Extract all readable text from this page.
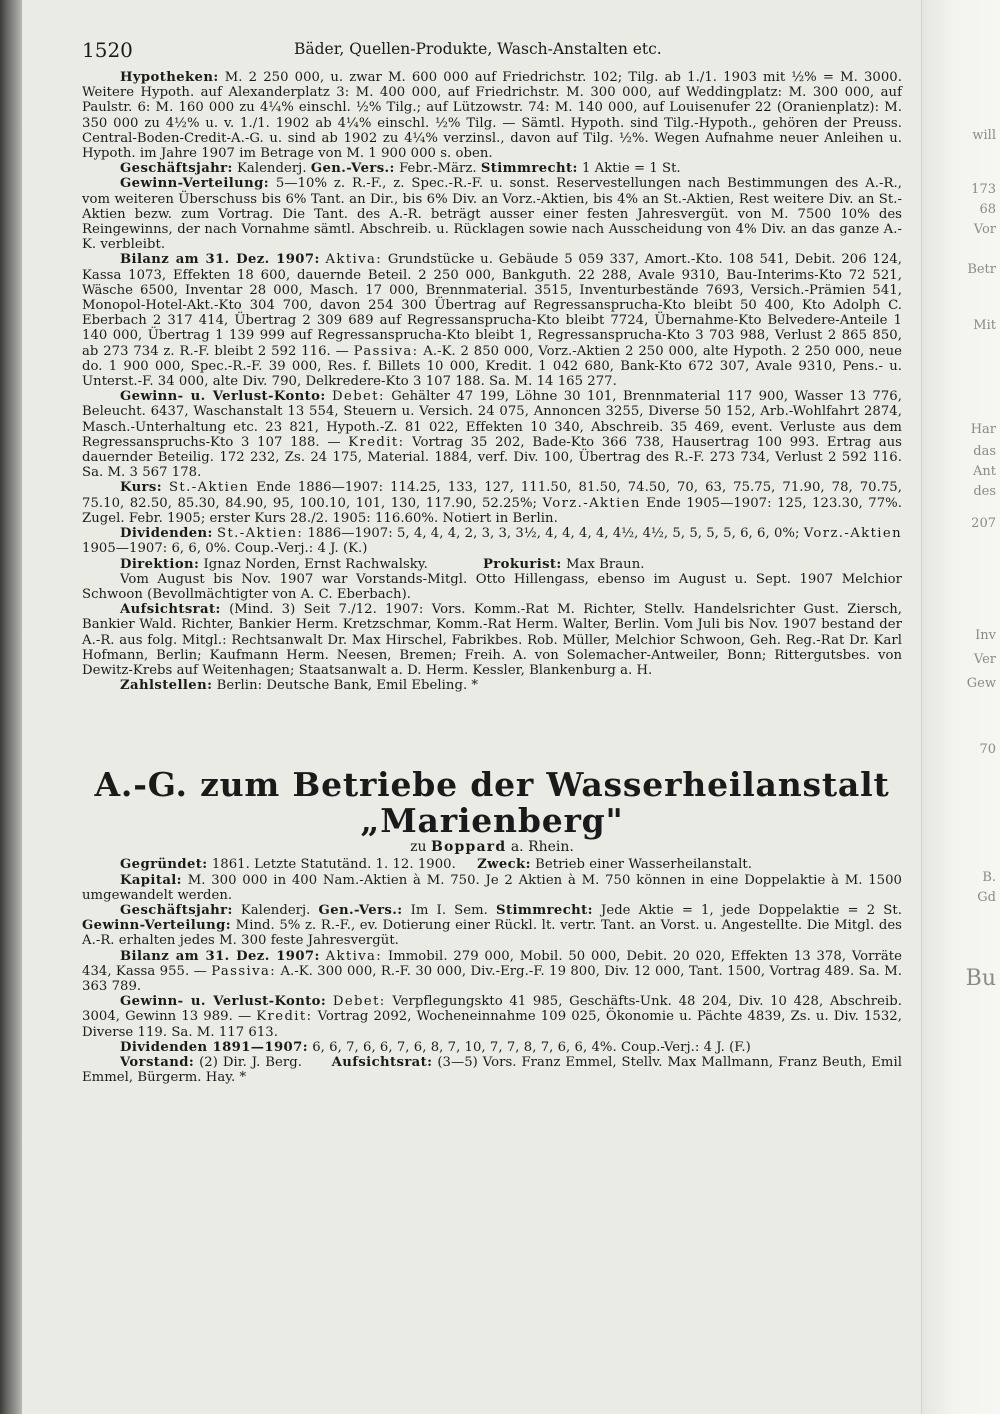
will
173
68
Vor
Betr
Mit
Har
das
Ant
des
207
Inv
Ver
Gew
70
B.
Gd
Bu
1520	Bäder, Quellen-Produkte, Wasch-Anstalten etc.

Hypotheken: M. 2 250 000, u. zwar M. 600 000 auf Friedrichstr. 102; Tilg. ab 1./1. 1903 mit ½% = M. 3000. Weitere Hypoth. auf Alexanderplatz 3: M. 400 000, auf Friedrichstr. M. 300 000, auf Weddingplatz: M. 300 000, auf Paulstr. 6: M. 160 000 zu 4¼% einschl. ½% Tilg.; auf Lützowstr. 74: M. 140 000, auf Louisenufer 22 (Oranienplatz): M. 350 000 zu 4½% u. v. 1./1. 1902 ab 4¼% einschl. ½% Tilg. — Sämtl. Hypoth. sind Tilg.-Hypoth., gehören der Preuss. Central-Boden-Credit-A.-G. u. sind ab 1902 zu 4¼% verzinsl., davon auf Tilg. ½%. Wegen Aufnahme neuer Anleihen u. Hypoth. im Jahre 1907 im Betrage von M. 1 900 000 s. oben.

Geschäftsjahr: Kalenderj. Gen.-Vers.: Febr.-März. Stimmrecht: 1 Aktie = 1 St.

Gewinn-Verteilung: 5—10% z. R.-F., z. Spec.-R.-F. u. sonst. Reservestellungen nach Bestimmungen des A.-R., vom weiteren Überschuss bis 6% Tant. an Dir., bis 6% Div. an Vorz.-Aktien, bis 4% an St.-Aktien, Rest weitere Div. an St.-Aktien bezw. zum Vortrag. Die Tant. des A.-R. beträgt ausser einer festen Jahresvergüt. von M. 7500 10% des Reingewinns, der nach Vornahme sämtl. Abschreib. u. Rücklagen sowie nach Ausscheidung von 4% Div. an das ganze A.-K. verbleibt.

Bilanz am 31. Dez. 1907: Aktiva: Grundstücke u. Gebäude 5 059 337, Amort.-Kto. 108 541, Debit. 206 124, Kassa 1073, Effekten 18 600, dauernde Beteil. 2 250 000, Bankguth. 22 288, Avale 9310, Bau-Interims-Kto 72 521, Wäsche 6500, Inventar 28 000, Masch. 17 000, Brennmaterial. 3515, Inventurbestände 7693, Versich.-Prämien 541, Monopol-Hotel-Akt.-Kto 304 700, davon 254 300 Übertrag auf Regressansprucha-Kto bleibt 50 400, Kto Adolph C. Eberbach 2 317 414, Übertrag 2 309 689 auf Regressansprucha-Kto bleibt 7724, Übernahme-Kto Belvedere-Anteile 1 140 000, Übertrag 1 139 999 auf Regressansprucha-Kto bleibt 1, Regressansprucha-Kto 3 703 988, Verlust 2 865 850, ab 273 734 z. R.-F. bleibt 2 592 116. — Passiva: A.-K. 2 850 000, Vorz.-Aktien 2 250 000, alte Hypoth. 2 250 000, neue do. 1 900 000, Spec.-R.-F. 39 000, Res. f. Billets 10 000, Kredit. 1 042 680, Bank-Kto 672 307, Avale 9310, Pens.- u. Unterst.-F. 34 000, alte Div. 790, Delkredere-Kto 3 107 188. Sa. M. 14 165 277.

Gewinn- u. Verlust-Konto: Debet: Gehälter 47 199, Löhne 30 101, Brennmaterial 117 900, Wasser 13 776, Beleucht. 6437, Waschanstalt 13 554, Steuern u. Versich. 24 075, Annoncen 3255, Diverse 50 152, Arb.-Wohlfahrt 2874, Masch.-Unterhaltung etc. 23 821, Hypoth.-Z. 81 022, Effekten 10 340, Abschreib. 35 469, event. Verluste aus dem Regressanspruchs-Kto 3 107 188. — Kredit: Vortrag 35 202, Bade-Kto 366 738, Hausertrag 100 993. Ertrag aus dauernder Beteilig. 172 232, Zs. 24 175, Material. 1884, verf. Div. 100, Übertrag des R.-F. 273 734, Verlust 2 592 116. Sa. M. 3 567 178.

Kurs: St.-Aktien Ende 1886—1907: 114.25, 133, 127, 111.50, 81.50, 74.50, 70, 63, 75.75, 71.90, 78, 70.75, 75.10, 82.50, 85.30, 84.90, 95, 100.10, 101, 130, 117.90, 52.25%; Vorz.-Aktien Ende 1905—1907: 125, 123.30, 77%. Zugel. Febr. 1905; erster Kurs 28./2. 1905: 116.60%. Notiert in Berlin.

Dividenden: St.-Aktien: 1886—1907: 5, 4, 4, 4, 2, 3, 3, 3½, 4, 4, 4, 4, 4½, 4½, 5, 5, 5, 5, 6, 6, 0%; Vorz.-Aktien 1905—1907: 6, 6, 0%. Coup.-Verj.: 4 J. (K.)

Direktion: Ignaz Norden, Ernst Rachwalsky.	Prokurist: Max Braun.

Vom August bis Nov. 1907 war Vorstands-Mitgl. Otto Hillengass, ebenso im August u. Sept. 1907 Melchior Schwoon (Bevollmächtigter von A. C. Eberbach).

Aufsichtsrat: (Mind. 3) Seit 7./12. 1907: Vors. Komm.-Rat M. Richter, Stellv. Handelsrichter Gust. Ziersch, Bankier Wald. Richter, Bankier Herm. Kretzschmar, Komm.-Rat Herm. Walter, Berlin. Vom Juli bis Nov. 1907 bestand der A.-R. aus folg. Mitgl.: Rechtsanwalt Dr. Max Hirschel, Fabrikbes. Rob. Müller, Melchior Schwoon, Geh. Reg.-Rat Dr. Karl Hofmann, Berlin; Kaufmann Herm. Neesen, Bremen; Freih. A. von Solemacher-Antweiler, Bonn; Rittergutsbes. von Dewitz-Krebs auf Weitenhagen; Staatsanwalt a. D. Herm. Kessler, Blankenburg a. H.

Zahlstellen: Berlin: Deutsche Bank, Emil Ebeling. *

A.-G. zum Betriebe der Wasserheilanstalt „Marienberg"
zu Boppard a. Rhein.

Gegründet: 1861. Letzte Statutänd. 1. 12. 1900. Zweck: Betrieb einer Wasserheilanstalt.

Kapital: M. 300 000 in 400 Nam.-Aktien à M. 750. Je 2 Aktien à M. 750 können in eine Doppelaktie à M. 1500 umgewandelt werden.

Geschäftsjahr: Kalenderj. Gen.-Vers.: Im I. Sem. Stimmrecht: Jede Aktie = 1, jede Doppelaktie = 2 St. Gewinn-Verteilung: Mind. 5% z. R.-F., ev. Dotierung einer Rückl. lt. vertr. Tant. an Vorst. u. Angestellte. Die Mitgl. des A.-R. erhalten jedes M. 300 feste Jahresvergüt.

Bilanz am 31. Dez. 1907: Aktiva: Immobil. 279 000, Mobil. 50 000, Debit. 20 020, Effekten 13 378, Vorräte 434, Kassa 955. — Passiva: A.-K. 300 000, R.-F. 30 000, Div.-Erg.-F. 19 800, Div. 12 000, Tant. 1500, Vortrag 489. Sa. M. 363 789.

Gewinn- u. Verlust-Konto: Debet: Verpflegungskto 41 985, Geschäfts-Unk. 48 204, Div. 10 428, Abschreib. 3004, Gewinn 13 989. — Kredit: Vortrag 2092, Wocheneinnahme 109 025, Ökonomie u. Pächte 4839, Zs. u. Div. 1532, Diverse 119. Sa. M. 117 613.

Dividenden 1891—1907: 6, 6, 7, 6, 6, 7, 6, 8, 7, 10, 7, 7, 8, 7, 6, 6, 4%. Coup.-Verj.: 4 J. (F.)

Vorstand: (2) Dir. J. Berg. Aufsichtsrat: (3—5) Vors. Franz Emmel, Stellv. Max Mallmann, Franz Beuth, Emil Emmel, Bürgerm. Hay. *
